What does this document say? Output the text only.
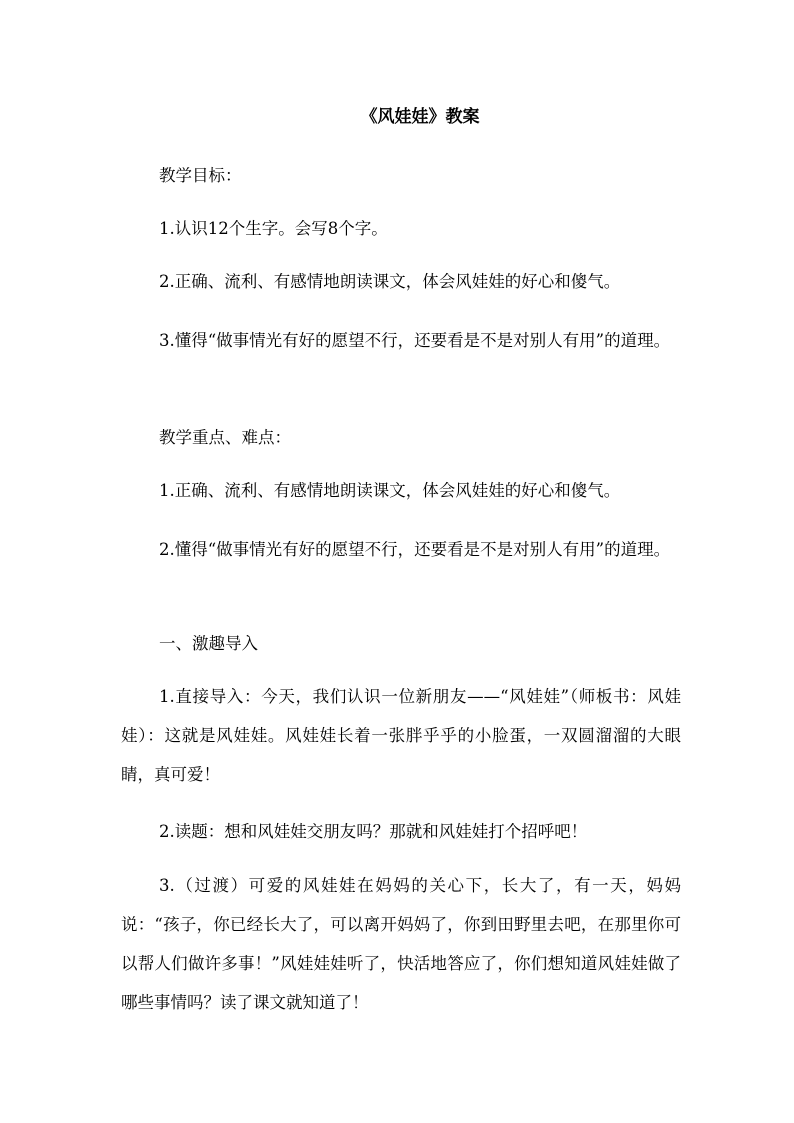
《风娃娃》教案

教学目标：

1.认识12个生字。会写8个字。

2.正确、流利、有感情地朗读课文，体会风娃娃的好心和傻气。

3.懂得“做事情光有好的愿望不行，还要看是不是对别人有用”的道理。

教学重点、难点：

1.正确、流利、有感情地朗读课文，体会风娃娃的好心和傻气。

2.懂得“做事情光有好的愿望不行，还要看是不是对别人有用”的道理。

一、激趣导入

1.直接导入：今天，我们认识一位新朋友——“风娃娃”（师板书：风娃娃）：这就是风娃娃。风娃娃长着一张胖乎乎的小脸蛋，一双圆溜溜的大眼睛，真可爱！

2.读题：想和风娃娃交朋友吗？那就和风娃娃打个招呼吧！

3.（过渡）可爱的风娃娃在妈妈的关心下，长大了，有一天，妈妈说：“孩子，你已经长大了，可以离开妈妈了，你到田野里去吧，在那里你可以帮人们做许多事！”风娃娃娃听了，快活地答应了，你们想知道风娃娃做了哪些事情吗？读了课文就知道了！
